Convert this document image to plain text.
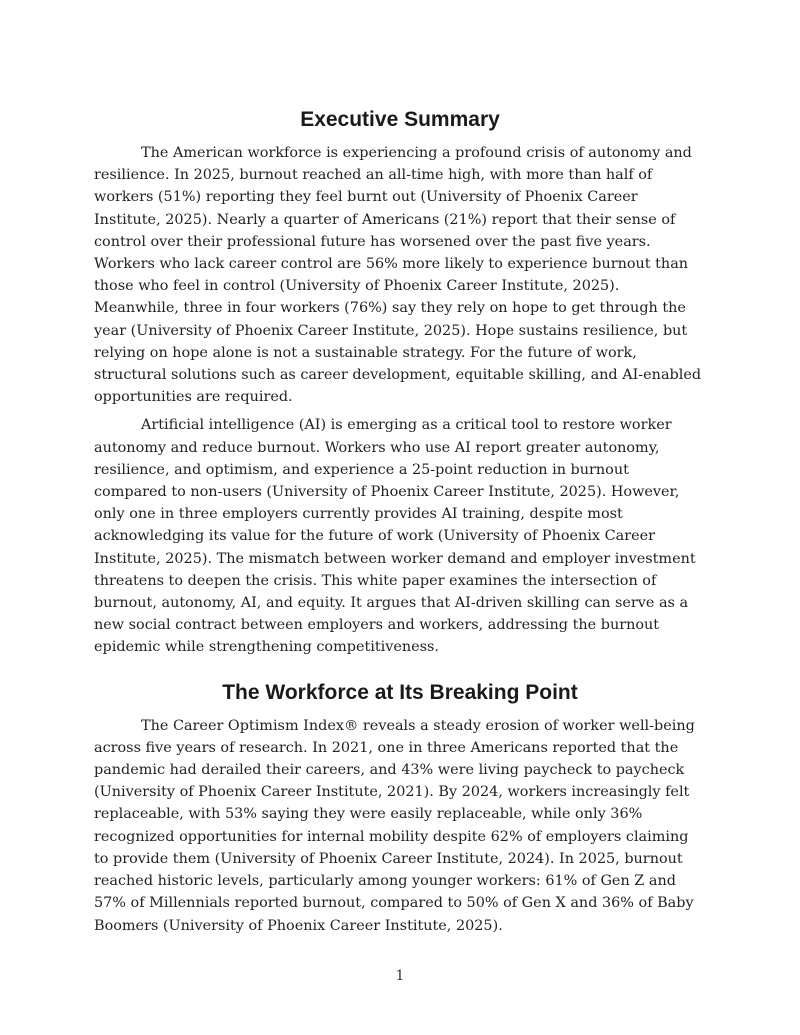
Executive Summary

The American workforce is experiencing a profound crisis of autonomy and resilience. In 2025, burnout reached an all-time high, with more than half of workers (51%) reporting they feel burnt out (University of Phoenix Career Institute, 2025). Nearly a quarter of Americans (21%) report that their sense of control over their professional future has worsened over the past five years. Workers who lack career control are 56% more likely to experience burnout than those who feel in control (University of Phoenix Career Institute, 2025). Meanwhile, three in four workers (76%) say they rely on hope to get through the year (University of Phoenix Career Institute, 2025). Hope sustains resilience, but relying on hope alone is not a sustainable strategy. For the future of work, structural solutions such as career development, equitable skilling, and AI-enabled opportunities are required.

Artificial intelligence (AI) is emerging as a critical tool to restore worker autonomy and reduce burnout. Workers who use AI report greater autonomy, resilience, and optimism, and experience a 25-point reduction in burnout compared to non-users (University of Phoenix Career Institute, 2025). However, only one in three employers currently provides AI training, despite most acknowledging its value for the future of work (University of Phoenix Career Institute, 2025). The mismatch between worker demand and employer investment threatens to deepen the crisis. This white paper examines the intersection of burnout, autonomy, AI, and equity. It argues that AI-driven skilling can serve as a new social contract between employers and workers, addressing the burnout epidemic while strengthening competitiveness.

The Workforce at Its Breaking Point

The Career Optimism Index® reveals a steady erosion of worker well-being across five years of research. In 2021, one in three Americans reported that the pandemic had derailed their careers, and 43% were living paycheck to paycheck (University of Phoenix Career Institute, 2021). By 2024, workers increasingly felt replaceable, with 53% saying they were easily replaceable, while only 36% recognized opportunities for internal mobility despite 62% of employers claiming to provide them (University of Phoenix Career Institute, 2024). In 2025, burnout reached historic levels, particularly among younger workers: 61% of Gen Z and 57% of Millennials reported burnout, compared to 50% of Gen X and 36% of Baby Boomers (University of Phoenix Career Institute, 2025).

1
